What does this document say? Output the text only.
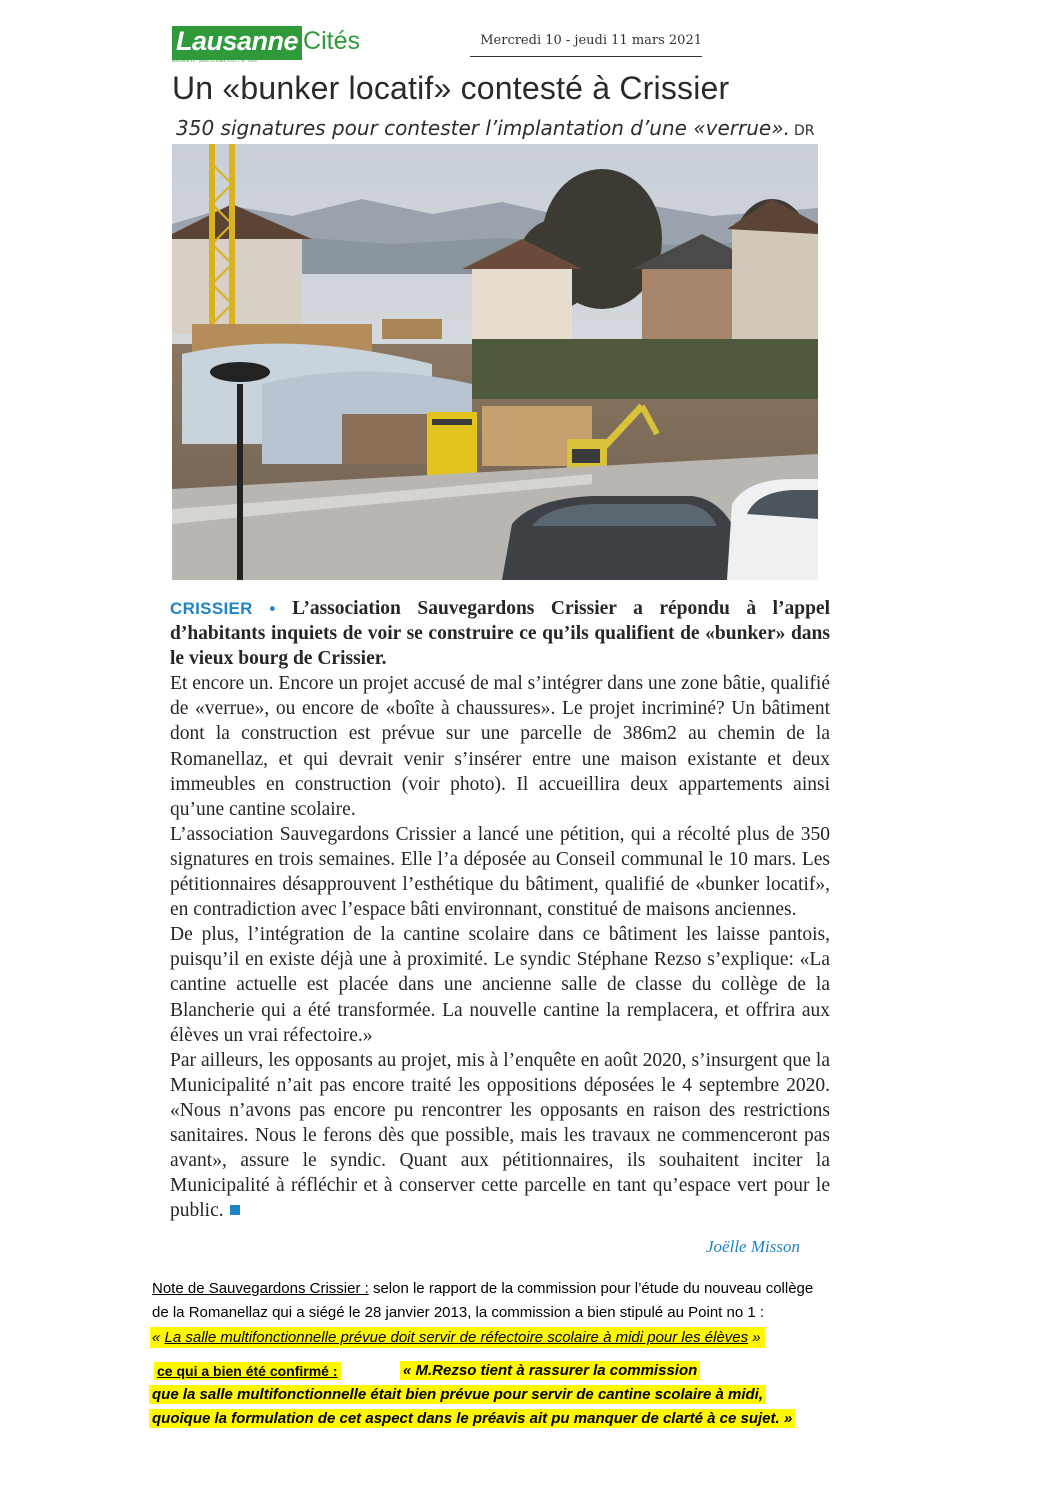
Lausanne Cités
Mercredi 10 - jeudi 11 mars 2021 • N° 1004
Mercredi 10 - jeudi 11 mars 2021
Un «bunker locatif» contesté à Crissier
350 signatures pour contester l’implantation d’une «verrue». DR

CRISSIER • L’association Sauvegardons Crissier a répondu à l’appel d’habitants inquiets de voir se construire ce qu’ils qualifient de «bunker» dans le vieux bourg de Crissier.

Et encore un. Encore un projet accusé de mal s’intégrer dans une zone bâtie, qualifié de «verrue», ou encore de «boîte à chaussures». Le projet incriminé? Un bâtiment dont la construction est prévue sur une parcelle de 386m2 au chemin de la Romanellaz, et qui devrait venir s’insérer entre une maison existante et deux immeubles en construction (voir photo). Il accueillira deux appartements ainsi qu’une cantine scolaire.

L’association Sauvegardons Crissier a lancé une pétition, qui a récolté plus de 350 signatures en trois semaines. Elle l’a déposée au Conseil communal le 10 mars. Les pétitionnaires désapprouvent l’esthétique du bâtiment, qualifié de «bunker locatif», en contradiction avec l’espace bâti environnant, constitué de maisons anciennes.

De plus, l’intégration de la cantine scolaire dans ce bâtiment les laisse pantois, puisqu’il en existe déjà une à proximité. Le syndic Stéphane Rezso s’explique: «La cantine actuelle est placée dans une ancienne salle de classe du collège de la Blancherie qui a été transformée. La nouvelle cantine la remplacera, et offrira aux élèves un vrai réfectoire.»

Par ailleurs, les opposants au projet, mis à l’enquête en août 2020, s’insurgent que la Municipalité n’ait pas encore traité les oppositions déposées le 4 septembre 2020. «Nous n’avons pas encore pu rencontrer les opposants en raison des restrictions sanitaires. Nous le ferons dès que possible, mais les travaux ne commenceront pas avant», assure le syndic. Quant aux pétitionnaires, ils souhaitent inciter la Municipalité à réfléchir et à conserver cette parcelle en tant qu’espace vert pour le public.

Joëlle Misson
Note de Sauvegardons Crissier : selon le rapport de la commission pour l’étude du nouveau collège
de la Romanellaz qui a siégé le 28 janvier 2013, la commission a bien stipulé au Point no 1 :
« La salle multifonctionnelle prévue doit servir de réfectoire scolaire à midi pour les élèves »
ce qui a bien été confirmé :	« M.Rezso tient à rassurer la commission
que la salle multifonctionnelle était bien prévue pour servir de cantine scolaire à midi,
quoique la formulation de cet aspect dans le préavis ait pu manquer de clarté à ce sujet. »
